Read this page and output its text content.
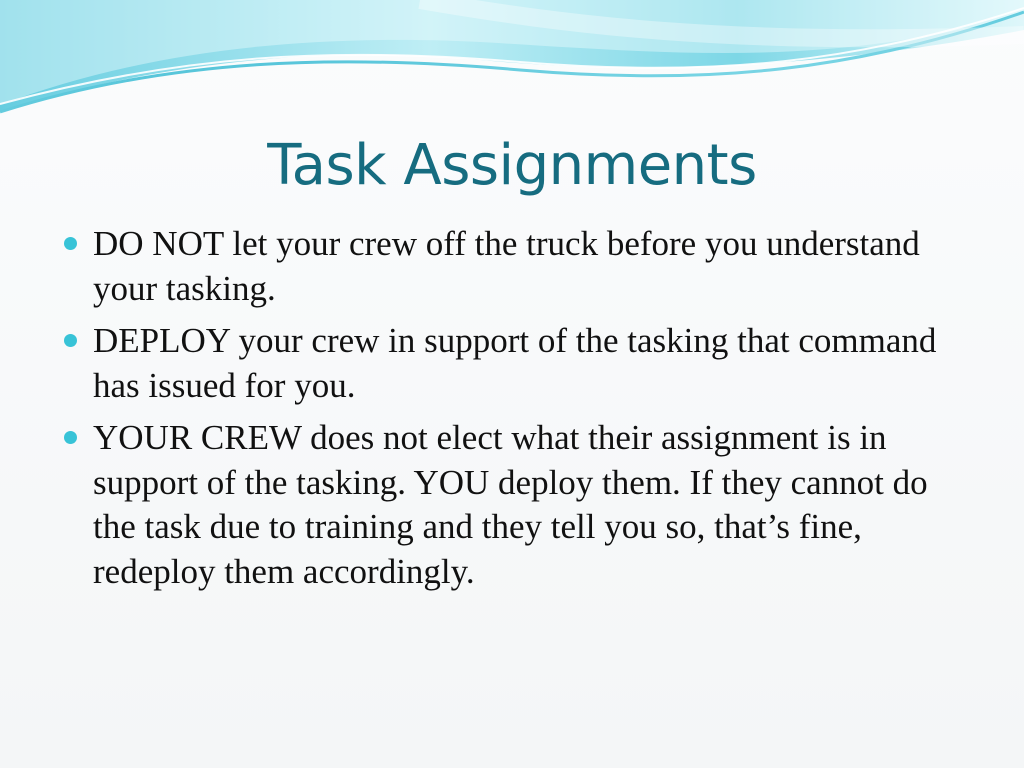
Task Assignments
DO NOT let your crew off the truck before you understand your tasking.
DEPLOY your crew in support of the tasking that command has issued for you.
YOUR CREW does not elect what their assignment is in support of the tasking. YOU deploy them. If they cannot do the task due to training and they tell you so, that’s fine, redeploy them accordingly.
